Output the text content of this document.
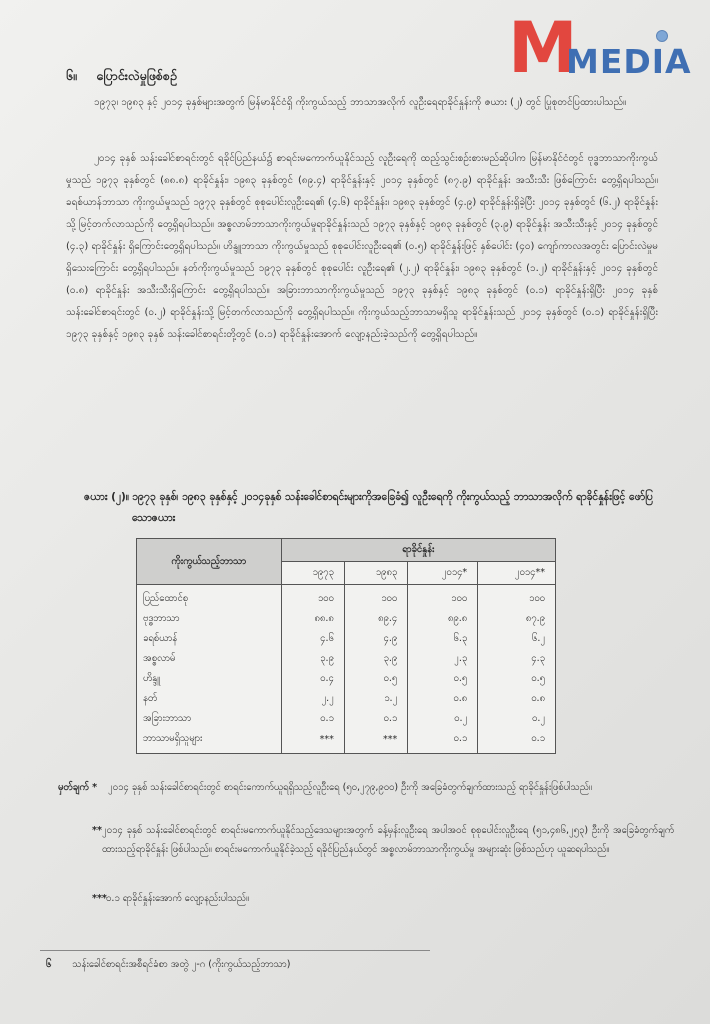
M
MEDIA
၆။ ပြောင်းလဲမှုဖြစ်စဉ်

၁၉၇၃၊ ၁၉၈၃ နှင့် ၂၀၁၄ ခုနှစ်များအတွက် မြန်မာနိုင်ငံရှိ ကိုးကွယ်သည့် ဘာသာအလိုက် လူဦးရေရာခိုင်နှုန်းကို ဇယား (၂) တွင် ပြုစုတင်ပြထားပါသည်။

၂၀၁၄ ခုနှစ် သန်းခေါင်စာရင်းတွင် ရခိုင်ပြည်နယ်၌ စာရင်းမကောက်ယူနိုင်သည့် လူဦးရေကို ထည့်သွင်းစဉ်းစားမည်ဆိုပါက မြန်မာနိုင်ငံတွင် ဗုဒ္ဓဘာသာကိုးကွယ်မှုသည် ၁၉၇၃ ခုနှစ်တွင် (၈၈.၈) ရာခိုင်နှုန်း၊ ၁၉၈၃ ခုနှစ်တွင် (၈၉.၄) ရာခိုင်နှုန်းနှင့် ၂၀၁၄ ခုနှစ်တွင် (၈၇.၉) ရာခိုင်နှုန်း အသီးသီး ဖြစ်ကြောင်း တွေ့ရှိရပါသည်။ ခရစ်ယာန်ဘာသာ ကိုးကွယ်မှုသည် ၁၉၇၃ ခုနှစ်တွင် စုစုပေါင်းလူဦးရေ၏ (၄.၆) ရာခိုင်နှုန်း၊ ၁၉၈၃ ခုနှစ်တွင် (၄.၉) ရာခိုင်နှုန်းရှိခဲ့ပြီး ၂၀၁၄ ခုနှစ်တွင် (၆.၂) ရာခိုင်နှုန်းသို့ မြင့်တက်လာသည်ကို တွေ့ရှိရပါသည်။ အစ္စလာမ်ဘာသာကိုးကွယ်မှုရာခိုင်နှုန်းသည် ၁၉၇၃ ခုနှစ်နှင့် ၁၉၈၃ ခုနှစ်တွင် (၃.၉) ရာခိုင်နှုန်း အသီးသီးနှင့် ၂၀၁၄ ခုနှစ်တွင် (၄.၃) ရာခိုင်နှုန်း ရှိကြောင်းတွေ့ရှိရပါသည်။ ဟိန္ဒူဘာသာ ကိုးကွယ်မှုသည် စုစုပေါင်းလူဦးရေ၏ (၀.၅) ရာခိုင်နှုန်းဖြင့် နှစ်ပေါင်း (၄၀) ကျော်ကာလအတွင်း ပြောင်းလဲမှုမရှိသေးကြောင်း တွေ့ရှိရပါသည်။ နတ်ကိုးကွယ်မှုသည် ၁၉၇၃ ခုနှစ်တွင် စုစုပေါင်း လူဦးရေ၏ (၂.၂) ရာခိုင်နှုန်း၊ ၁၉၈၃ ခုနှစ်တွင် (၁.၂) ရာခိုင်နှုန်းနှင့် ၂၀၁၄ ခုနှစ်တွင် (၀.၈) ရာခိုင်နှုန်း အသီးသီးရှိကြောင်း တွေ့ရှိရပါသည်။ အခြားဘာသာကိုးကွယ်မှုသည် ၁၉၇၃ ခုနှစ်နှင့် ၁၉၈၃ ခုနှစ်တွင် (၀.၁) ရာခိုင်နှုန်းရှိပြီး ၂၀၁၄ ခုနှစ်သန်းခေါင်စာရင်းတွင် (၀.၂) ရာခိုင်နှုန်းသို့ မြင့်တက်လာသည်ကို တွေ့ရှိရပါသည်။ ကိုးကွယ်သည့်ဘာသာမရှိသူ ရာခိုင်နှုန်းသည် ၂၀၁၄ ခုနှစ်တွင် (၀.၁) ရာခိုင်နှုန်းရှိပြီး ၁၉၇၃ ခုနှစ်နှင့် ၁၉၈၃ ခုနှစ် သန်းခေါင်စာရင်းတို့တွင် (၀.၁) ရာခိုင်နှုန်းအောက် လျော့နည်းခဲ့သည်ကို တွေ့ရှိရပါသည်။

ဇယား (၂)။ ၁၉၇၃ ခုနှစ်၊ ၁၉၈၃ ခုနှစ်နှင့် ၂၀၁၄ခုနှစ် သန်းခေါင်စာရင်းများကိုအခြေခံ၍ လူဦးရေကို ကိုးကွယ်သည့် ဘာသာအလိုက် ရာခိုင်နှုန်းဖြင့် ဖော်ပြသောဇယား
ကိုးကွယ်သည့်ဘာသာ	ရာခိုင်နှုန်း			
	၁၉၇၃	၁၉၈၃	၂၀၁၄*	၂၀၁၄**
ပြည်ထောင်စု	၁၀၀	၁၀၀	၁၀၀	၁၀၀
ဗုဒ္ဓဘာသာ	၈၈.၈	၈၉.၄	၈၉.၈	၈၇.၉
ခရစ်ယာန်	၄.၆	၄.၉	၆.၃	၆.၂
အစ္စလာမ်	၃.၉	၃.၉	၂.၃	၄.၃
ဟိန္ဒူ	၀.၄	၀.၅	၀.၅	၀.၅
နတ်	၂.၂	၁.၂	၀.၈	၀.၈
အခြားဘာသာ	၀.၁	၀.၁	၀.၂	၀.၂
ဘာသာမရှိသူများ	***	***	၀.၁	၀.၁
မှတ်ချက် * ၂၀၁၄ ခုနှစ် သန်းခေါင်စာရင်းတွင် စာရင်းကောက်ယူရရှိသည့်လူဦးရေ (၅၀,၂၇၉,၉၀၀) ဦးကို အခြေခံတွက်ချက်ထားသည့် ရာခိုင်နှုန်းဖြစ်ပါသည်။
** ၂၀၁၄ ခုနှစ် သန်းခေါင်စာရင်းတွင် စာရင်းမကောက်ယူနိုင်သည့်ဒေသများအတွက် ခန့်မှန်းလူဦးရေ အပါအဝင် စုစုပေါင်းလူဦးရေ (၅၁,၄၈၆,၂၅၃) ဦးကို အခြေခံတွက်ချက်ထားသည့်ရာခိုင်နှုန်း ဖြစ်ပါသည်။ စာရင်းမကောက်ယူနိုင်ခဲ့သည့် ရခိုင်ပြည်နယ်တွင် အစ္စလာမ်ဘာသာကိုးကွယ်မှု အများဆုံး ဖြစ်သည်ဟု ယူဆရပါသည်။
*** ၀.၁ ရာခိုင်နှုန်းအောက် လျော့နည်းပါသည်။
၆ သန်းခေါင်စာရင်းအစီရင်ခံစာ အတွဲ ၂-ဂ (ကိုးကွယ်သည့်ဘာသာ)
